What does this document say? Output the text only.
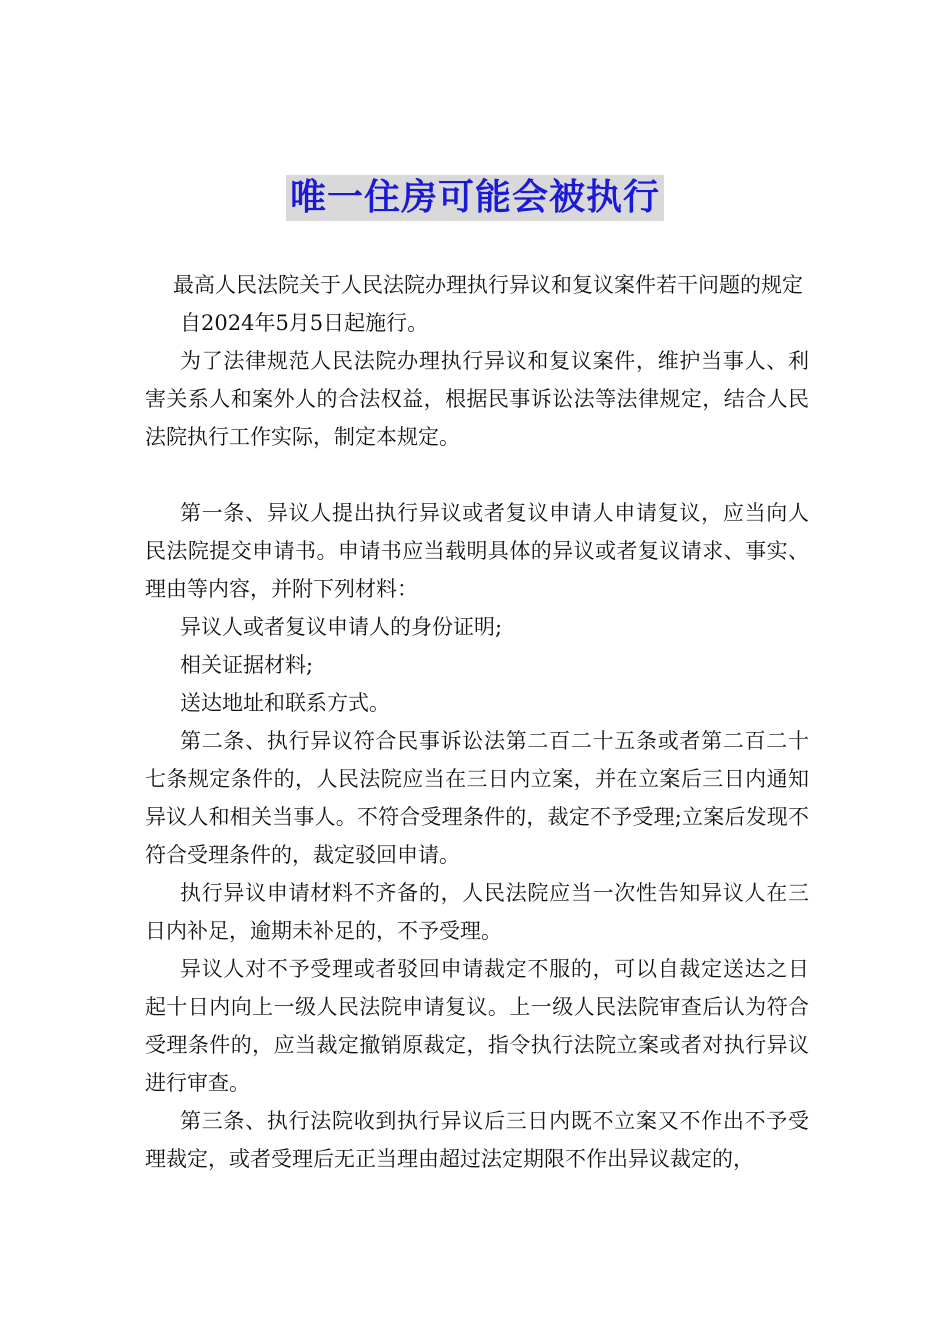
唯一住房可能会被执行

最高人民法院关于人民法院办理执行异议和复议案件若干问题的规定

自2024年5月5日起施行。

为了法律规范人民法院办理执行异议和复议案件，维护当事人、利害关系人和案外人的合法权益，根据民事诉讼法等法律规定，结合人民法院执行工作实际，制定本规定。

第一条、异议人提出执行异议或者复议申请人申请复议，应当向人民法院提交申请书。申请书应当载明具体的异议或者复议请求、事实、理由等内容，并附下列材料：

异议人或者复议申请人的身份证明;

相关证据材料;

送达地址和联系方式。

第二条、执行异议符合民事诉讼法第二百二十五条或者第二百二十七条规定条件的，人民法院应当在三日内立案，并在立案后三日内通知异议人和相关当事人。不符合受理条件的，裁定不予受理;立案后发现不符合受理条件的，裁定驳回申请。

执行异议申请材料不齐备的，人民法院应当一次性告知异议人在三日内补足，逾期未补足的，不予受理。

异议人对不予受理或者驳回申请裁定不服的，可以自裁定送达之日起十日内向上一级人民法院申请复议。上一级人民法院审查后认为符合受理条件的，应当裁定撤销原裁定，指令执行法院立案或者对执行异议进行审查。

第三条、执行法院收到执行异议后三日内既不立案又不作出不予受理裁定，或者受理后无正当理由超过法定期限不作出异议裁定的，
